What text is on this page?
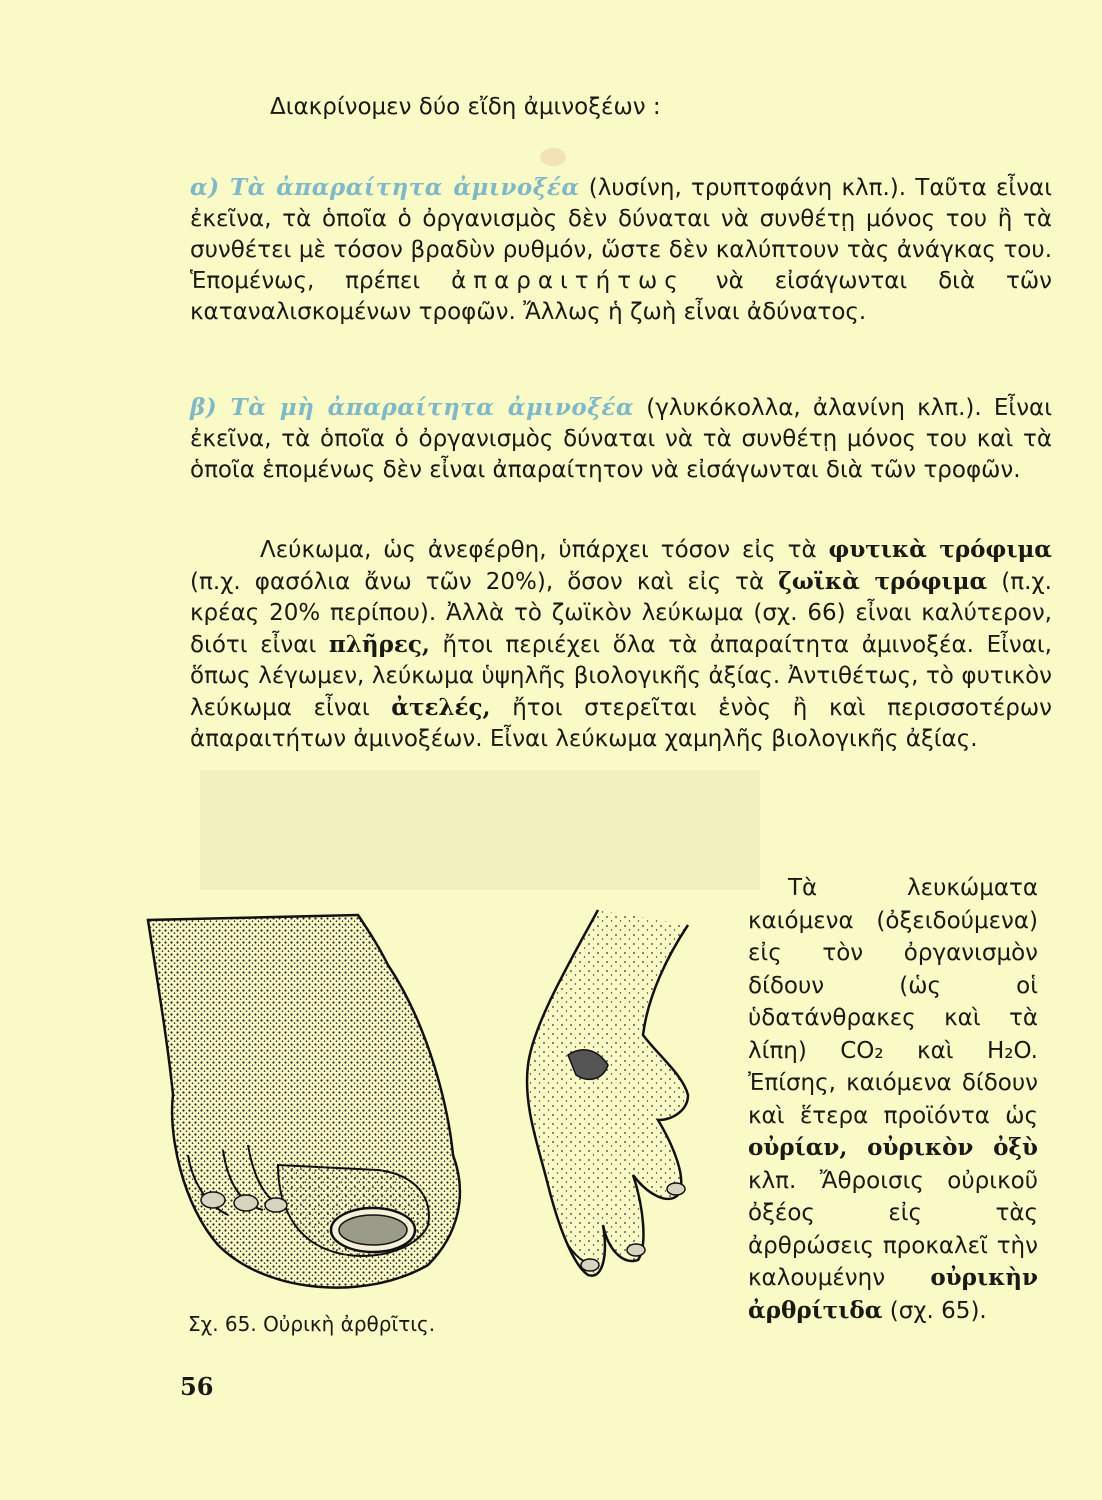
Διακρίνομεν δύο εἴδη ἀμινοξέων :
α) Τὰ ἀπαραίτητα ἀμινοξέα (λυσίνη, τρυπτοφάνη κλπ.). Ταῦτα εἶναι ἐκεῖνα, τὰ ὁποῖα ὁ ὀργανισμὸς δὲν δύναται νὰ συνθέτῃ μόνος του ἢ τὰ συνθέτει μὲ τόσον βραδὺν ρυθμόν, ὥστε δὲν καλύπτουν τὰς ἀνάγκας του. Ἑπομένως, πρέπει ἀπαραιτήτως νὰ εἰσάγωνται διὰ τῶν καταναλισκομένων τροφῶν. Ἄλλως ἡ ζωὴ εἶναι ἀδύνατος.
β) Τὰ μὴ ἀπαραίτητα ἀμινοξέα (γλυκόκολλα, ἀλανίνη κλπ.). Εἶναι ἐκεῖνα, τὰ ὁποῖα ὁ ὀργανισμὸς δύναται νὰ τὰ συνθέτῃ μόνος του καὶ τὰ ὁποῖα ἑπομένως δὲν εἶναι ἀπαραίτητον νὰ εἰσάγωνται διὰ τῶν τροφῶν.
Λεύκωμα, ὡς ἀνεφέρθη, ὑπάρχει τόσον εἰς τὰ φυτικὰ τρόφιμα (π.χ. φασόλια ἄνω τῶν 20%), ὅσον καὶ εἰς τὰ ζωϊκὰ τρόφιμα (π.χ. κρέας 20% περίπου). Ἀλλὰ τὸ ζωϊκὸν λεύκωμα (σχ. 66) εἶναι καλύτερον, διότι εἶναι πλῆρες, ἤτοι περιέχει ὅλα τὰ ἀπαραίτητα ἀμινοξέα. Εἶναι, ὅπως λέγωμεν, λεύκωμα ὑψηλῆς βιολογικῆς ἀξίας. Ἀντιθέτως, τὸ φυτικὸν λεύκωμα εἶναι ἀτελές, ἤτοι στερεῖται ἑνὸς ἢ καὶ περισσοτέρων ἀπαραιτήτων ἀμινοξέων. Εἶναι λεύκωμα χαμηλῆς βιολογικῆς ἀξίας.
Σχ. 65. Οὐρικὴ ἀρθρῖτις.
Τὰ λευκώματα καιόμενα (ὀξειδούμενα) εἰς τὸν ὀργανισμὸν δίδουν (ὡς οἱ ὑδατάνθρακες καὶ τὰ λίπη) CO₂ καὶ H₂O. Ἐπίσης, καιόμενα δίδουν καὶ ἕτερα προϊόντα ὡς οὐρίαν, οὐρικὸν ὀξὺ κλπ. Ἄθροισις οὐρικοῦ ὀξέος εἰς τὰς ἀρθρώσεις προκαλεῖ τὴν καλουμένην οὐρικὴν ἀρθρίτιδα (σχ. 65).
56
